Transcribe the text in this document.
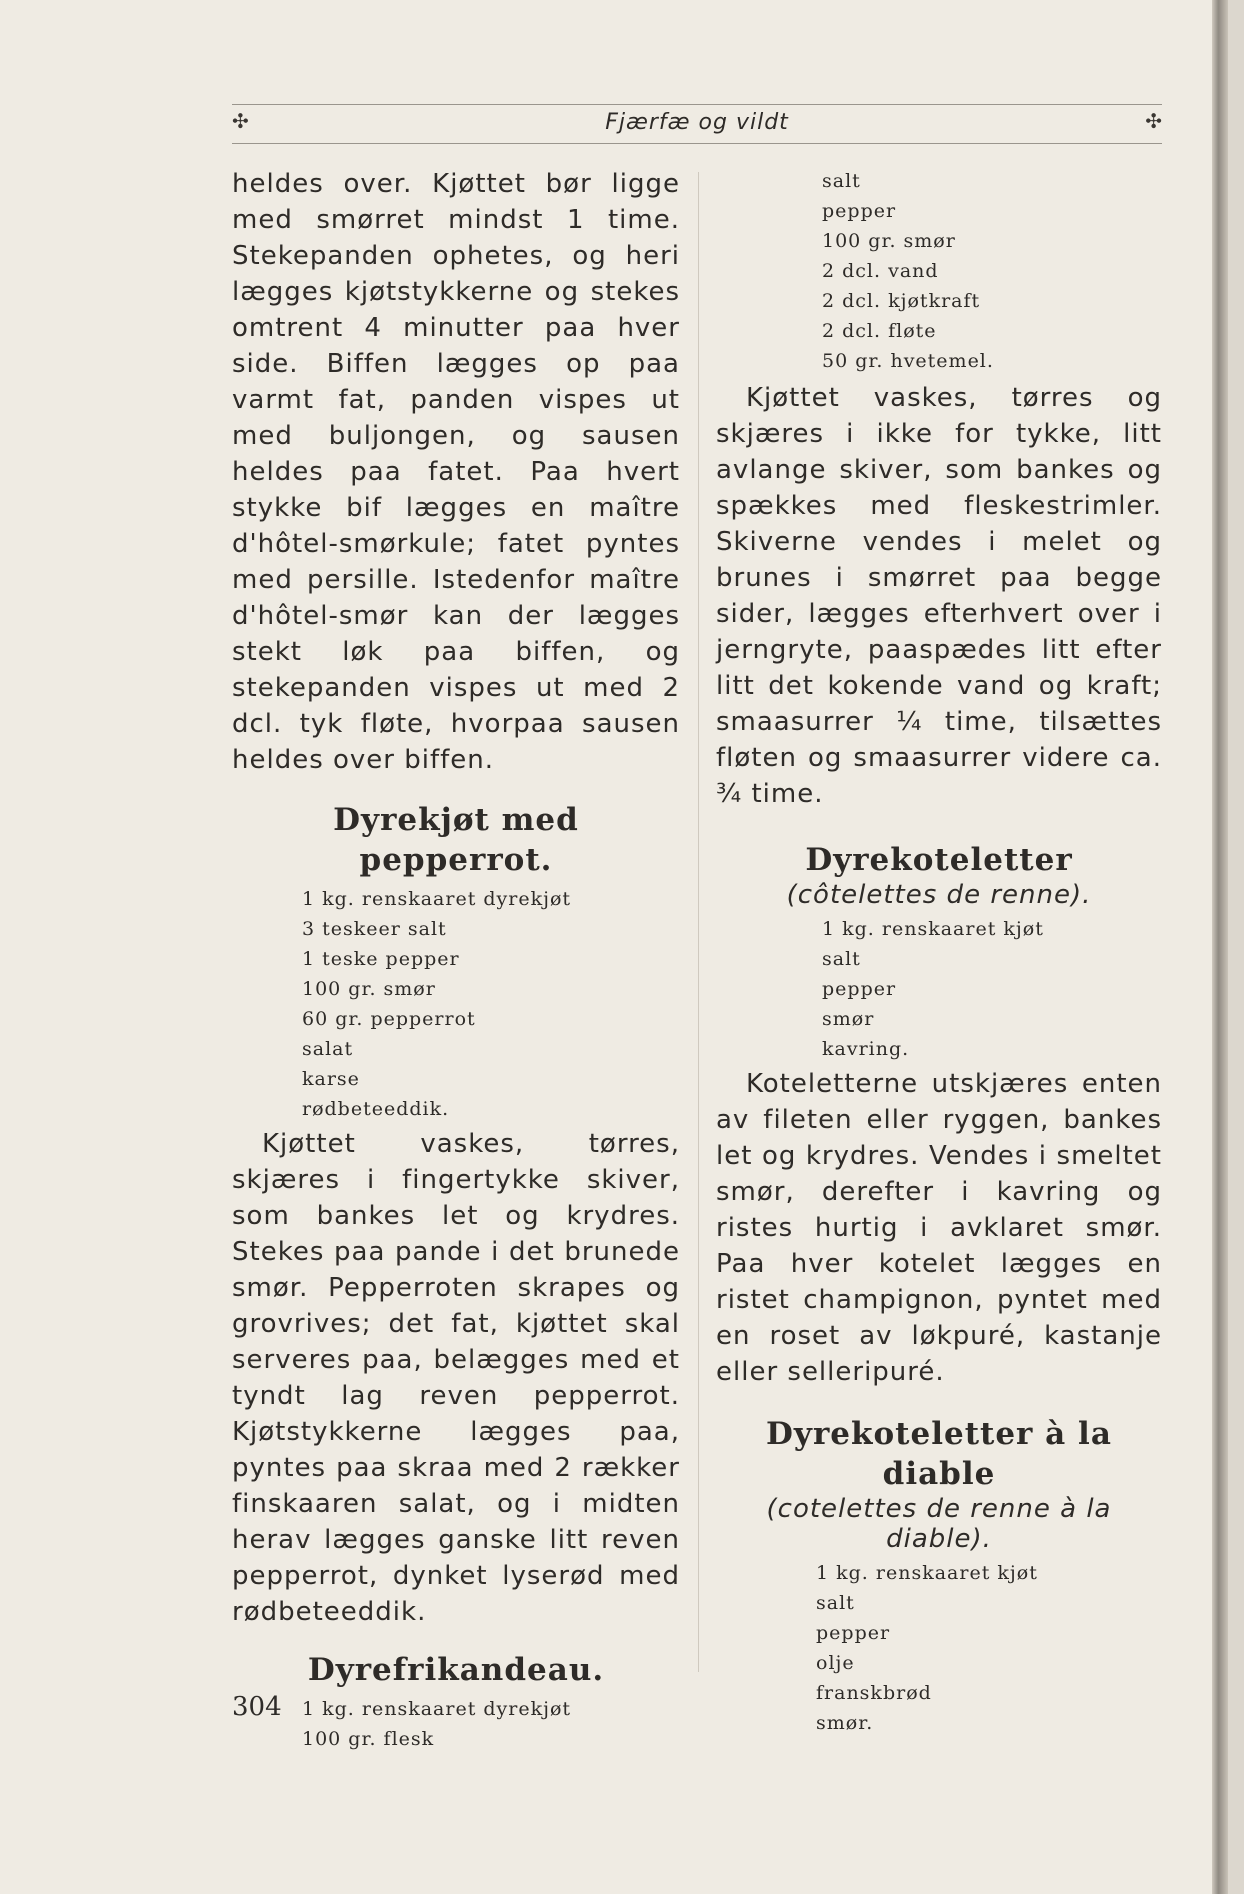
✣	Fjærfæ og vildt	✣

heldes over. Kjøttet bør ligge med smørret mindst 1 time. Stekepanden ophetes, og heri lægges kjøtstykkerne og stekes omtrent 4 minutter paa hver side. Biffen lægges op paa varmt fat, panden vispes ut med buljongen, og sausen heldes paa fatet. Paa hvert stykke bif lægges en maître d'hôtel-smørkule; fatet pyntes med persille. Istedenfor maître d'hôtel-smør kan der lægges stekt løk paa biffen, og stekepanden vispes ut med 2 dcl. tyk fløte, hvorpaa sausen heldes over biffen.

Dyrekjøt med pepperrot.
1 kg. renskaaret dyrekjøt
3 teskeer salt
1 teske pepper
100 gr. smør
60 gr. pepperrot
salat
karse
rødbeteeddik.

Kjøttet vaskes, tørres, skjæres i fingertykke skiver, som bankes let og krydres. Stekes paa pande i det brunede smør. Pepperroten skrapes og grovrives; det fat, kjøttet skal serveres paa, belægges med et tyndt lag reven pepperrot. Kjøtstykkerne lægges paa, pyntes paa skraa med 2 rækker finskaaren salat, og i midten herav lægges ganske litt reven pepperrot, dynket lyserød med rødbeteeddik.

Dyrefrikandeau.
1 kg. renskaaret dyrekjøt
100 gr. flesk
salt
pepper
100 gr. smør
2 dcl. vand
2 dcl. kjøtkraft
2 dcl. fløte
50 gr. hvetemel.

Kjøttet vaskes, tørres og skjæres i ikke for tykke, litt avlange skiver, som bankes og spækkes med fleskestrimler. Skiverne vendes i melet og brunes i smørret paa begge sider, lægges efterhvert over i jerngryte, paaspædes litt efter litt det kokende vand og kraft; smaasurrer ¼ time, tilsættes fløten og smaasurrer videre ca. ¾ time.

Dyrekoteletter

(côtelettes de renne).

1 kg. renskaaret kjøt
salt
pepper
smør
kavring.

Koteletterne utskjæres enten av fileten eller ryggen, bankes let og krydres. Vendes i smeltet smør, derefter i kavring og ristes hurtig i avklaret smør. Paa hver kotelet lægges en ristet champignon, pyntet med en roset av løkpuré, kastanje eller selleripuré.

Dyrekoteletter à la diable

(cotelettes de renne à la diable).

1 kg. renskaaret kjøt
salt
pepper
olje
franskbrød
smør.
304
